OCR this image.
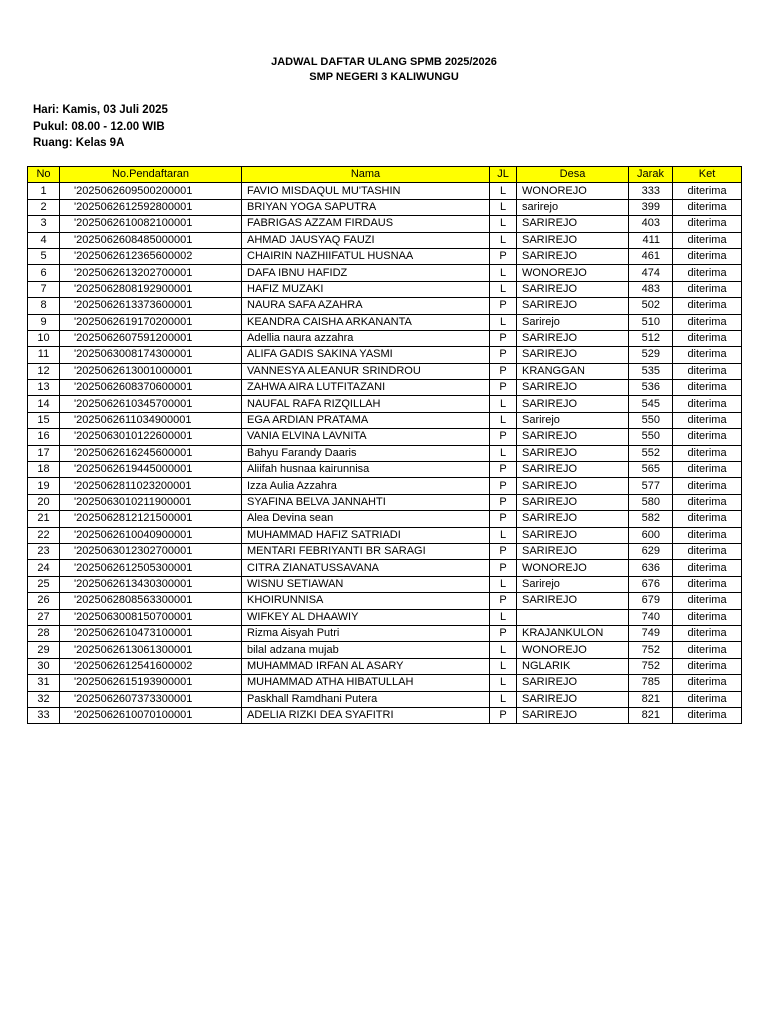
JADWAL DAFTAR ULANG SPMB 2025/2026
SMP NEGERI 3 KALIWUNGU
Hari: Kamis, 03 Juli 2025
Pukul: 08.00 - 12.00 WIB
Ruang: Kelas 9A
No	No.Pendaftaran	Nama	JL	Desa	Jarak	Ket
1	'2025062609500200001	FAVIO MISDAQUL MU'TASHIN	L	WONOREJO	333	diterima
2	'2025062612592800001	BRIYAN YOGA SAPUTRA	L	sarirejo	399	diterima
3	'2025062610082100001	FABRIGAS AZZAM FIRDAUS	L	SARIREJO	403	diterima
4	'2025062608485000001	AHMAD JAUSYAQ FAUZI	L	SARIREJO	411	diterima
5	'2025062612365600002	CHAIRIN NAZHIIFATUL HUSNAA	P	SARIREJO	461	diterima
6	'2025062613202700001	DAFA IBNU HAFIDZ	L	WONOREJO	474	diterima
7	'2025062808192900001	HAFIZ MUZAKI	L	SARIREJO	483	diterima
8	'2025062613373600001	NAURA SAFA AZAHRA	P	SARIREJO	502	diterima
9	'2025062619170200001	KEANDRA CAISHA ARKANANTA	L	Sarirejo	510	diterima
10	'2025062607591200001	Adellia naura azzahra	P	SARIREJO	512	diterima
11	'2025063008174300001	ALIFA GADIS SAKINA YASMI	P	SARIREJO	529	diterima
12	'2025062613001000001	VANNESYA ALEANUR SRINDROU	P	KRANGGAN	535	diterima
13	'2025062608370600001	ZAHWA AIRA LUTFITAZANI	P	SARIREJO	536	diterima
14	'2025062610345700001	NAUFAL RAFA RIZQILLAH	L	SARIREJO	545	diterima
15	'2025062611034900001	EGA ARDIAN PRATAMA	L	Sarirejo	550	diterima
16	'2025063010122600001	VANIA ELVINA LAVNITA	P	SARIREJO	550	diterima
17	'2025062616245600001	Bahyu Farandy Daaris	L	SARIREJO	552	diterima
18	'2025062619445000001	Aliifah husnaa kairunnisa	P	SARIREJO	565	diterima
19	'2025062811023200001	Izza Aulia Azzahra	P	SARIREJO	577	diterima
20	'2025063010211900001	SYAFINA BELVA JANNAHTI	P	SARIREJO	580	diterima
21	'2025062812121500001	Alea Devina sean	P	SARIREJO	582	diterima
22	'2025062610040900001	MUHAMMAD HAFIZ SATRIADI	L	SARIREJO	600	diterima
23	'2025063012302700001	MENTARI FEBRIYANTI BR SARAGI	P	SARIREJO	629	diterima
24	'2025062612505300001	CITRA ZIANATUSSAVANA	P	WONOREJO	636	diterima
25	'2025062613430300001	WISNU SETIAWAN	L	Sarirejo	676	diterima
26	'2025062808563300001	KHOIRUNNISA	P	SARIREJO	679	diterima
27	'2025063008150700001	WIFKEY AL DHAAWIY	L		740	diterima
28	'2025062610473100001	Rizma Aisyah Putri	P	KRAJANKULON	749	diterima
29	'2025062613061300001	bilal adzana mujab	L	WONOREJO	752	diterima
30	'2025062612541600002	MUHAMMAD IRFAN AL ASARY	L	NGLARIK	752	diterima
31	'2025062615193900001	MUHAMMAD ATHA HIBATULLAH	L	SARIREJO	785	diterima
32	'2025062607373300001	Paskhall Ramdhani Putera	L	SARIREJO	821	diterima
33	'2025062610070100001	ADELIA RIZKI DEA SYAFITRI	P	SARIREJO	821	diterima
